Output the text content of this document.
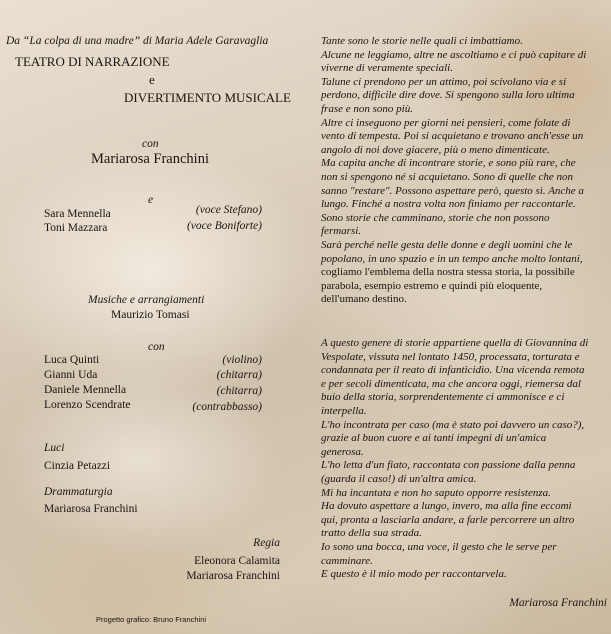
Da “La colpa di una madre” di Maria Adele Garavaglia
TEATRO DI NARRAZIONE
e
DIVERTIMENTO MUSICALE
con
Mariarosa Franchini
e
Sara Mennella	(voce Stefano)
Toni Mazzara	(voce Boniforte)
Musiche e arrangiamenti
Maurizio Tomasi
con
Luca Quinti	(violino)
Gianni Uda	(chitarra)
Daniele Mennella	(chitarra)
Lorenzo Scendrate	(contrabbasso)
Luci
Cinzia Petazzi
Drammaturgia
Mariarosa Franchini
Regia
Eleonora Calamita
Mariarosa Franchini
Progetto grafico: Bruno Franchini

Tante sono le storie nelle quali ci imbattiamo.

Alcune ne leggiamo, altre ne ascoltiamo e ci può capitare di viverne di veramente speciali.

Talune ci prendono per un attimo, poi scivolano via e si perdono, difficile dire dove. Si spengono sulla loro ultima frase e non sono più.

Altre ci inseguono per giorni nei pensieri, come folate di vento di tempesta. Poi si acquietano e trovano anch'esse un angolo di noi dove giacere, più o meno dimenticate.

Ma capita anche di incontrare storie, e sono più rare, che non si spengono né si acquietano. Sono di quelle che non sanno "restare". Possono aspettare però, questo sì. Anche a lungo. Finché a nostra volta non finiamo per raccontarle.

Sono storie che camminano, storie che non possono fermarsi.

Sarà perché nelle gesta delle donne e degli uomini che le popolano, in uno spazio e in un tempo anche molto lontani, cogliamo l'emblema della nostra stessa storia, la possibile parabola, esempio estremo e quindi più eloquente, dell'umano destino.

A questo genere di storie appartiene quella di Giovannina di Vespolate, vissuta nel lontato 1450, processata, torturata e condannata per il reato di infanticidio. Una vicenda remota e per secoli dimenticata, ma che ancora oggi, riemersa dal buio della storia, sorprendentemente ci ammonisce e ci interpella.

L'ho incontrata per caso (ma è stato poi davvero un caso?), grazie al buon cuore e ai tanti impegni di un'amica generosa.

L'ho letta d'un fiato, raccontata con passione dalla penna (guarda il caso!) di un'altra amica.

Mi ha incantata e non ho saputo opporre resistenza.

Ha dovuto aspettare a lungo, invero, ma alla fine eccomi qui, pronta a lasciarla andare, a farle percorrere un altro tratto della sua strada.

Io sono una bocca, una voce, il gesto che le serve per camminare.

E questo è il mio modo per raccontarvela.

Mariarosa Franchini
